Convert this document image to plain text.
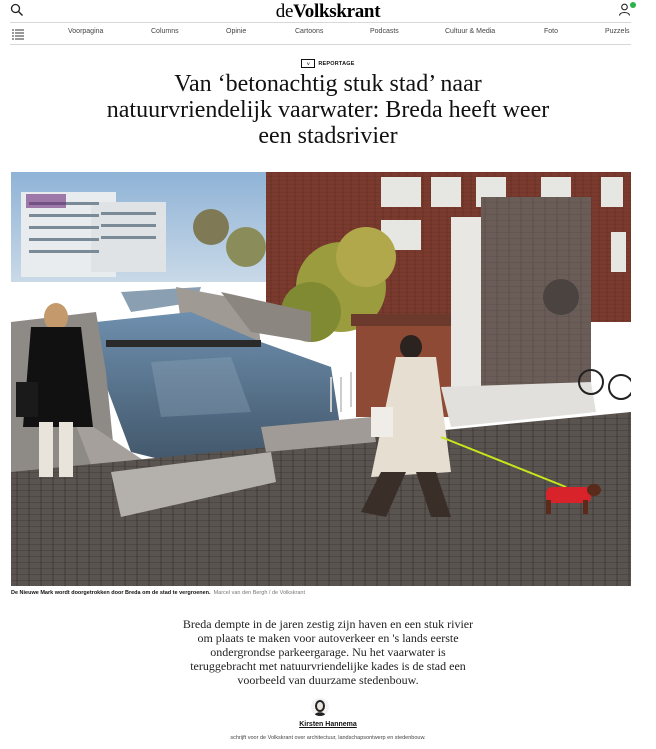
deVolkskrant
Voorpagina	Columns	Opinie	Cartoons	Podcasts	Cultuur & Media	Foto	Puzzels
V REPORTAGE
Van ‘betonachtig stuk stad’ naar natuurvriendelijk vaarwater: Breda heeft weer een stadsrivier
De Nieuwe Mark wordt doorgetrokken door Breda om de stad te vergroenen. Marcel van den Bergh / de Volkskrant

Breda dempte in de jaren zestig zijn haven en een stuk rivier om plaats te maken voor autoverkeer en 's lands eerste ondergrondse parkeergarage. Nu het vaarwater is teruggebracht met natuurvriendelijke kades is de stad een voorbeeld van duurzame stedenbouw.

Kirsten Hannema
schrijft voor de Volkskrant over architectuur, landschapsontwerp en stedenbouw.
